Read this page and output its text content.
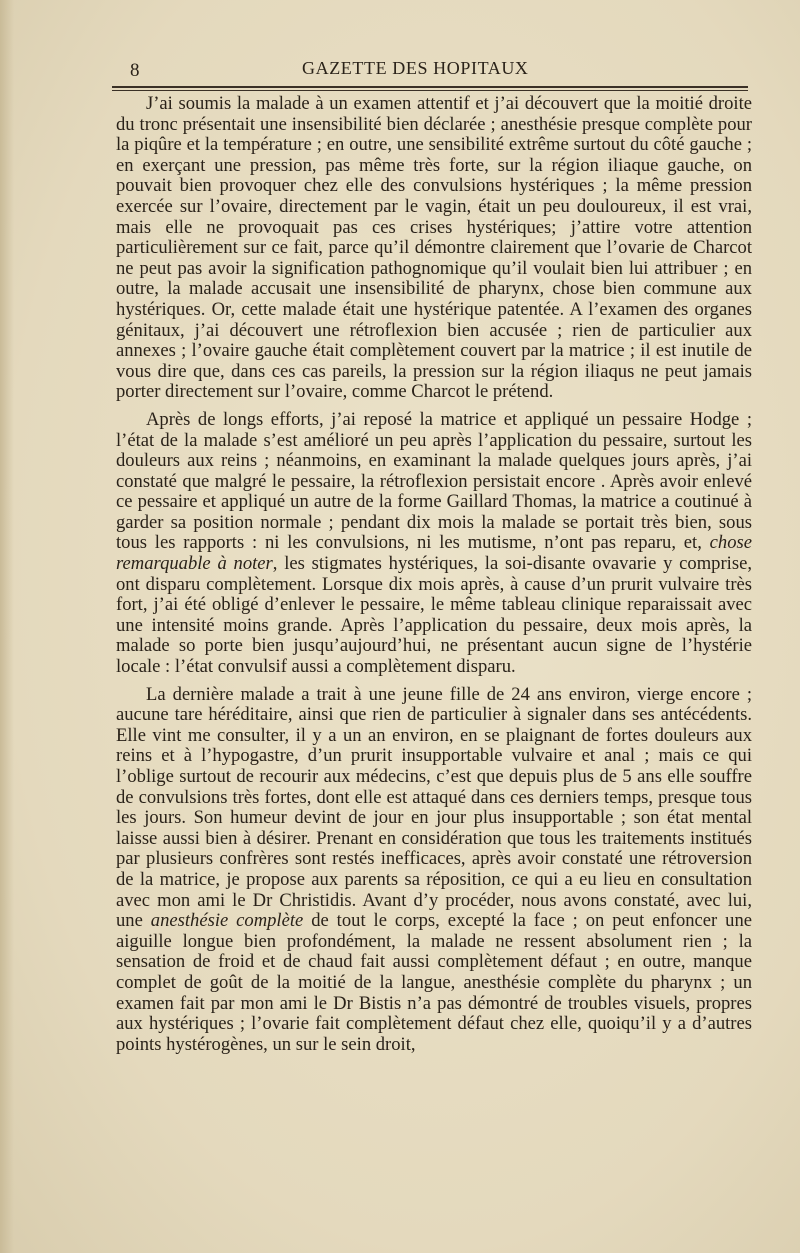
8	GAZETTE DES HOPITAUX

J’ai soumis la malade à un examen attentif et j’ai découvert que la moitié droite du tronc présentait une insensibilité bien déclarée ; anesthésie presque complète pour la piqûre et la température ; en outre, une sensibilité extrême surtout du côté gauche ; en exerçant une pression, pas même très forte, sur la région iliaque gauche, on pouvait bien provoquer chez elle des convulsions hystériques ; la même pression exercée sur l’ovaire, directement par le vagin, était un peu douloureux, il est vrai, mais elle ne provoquait pas ces crises hystériques; j’attire votre attention particulièrement sur ce fait, parce qu’il démontre clairement que l’ovarie de Charcot ne peut pas avoir la signification pathognomique qu’il voulait bien lui attribuer ; en outre, la malade accusait une insensibilité de pharynx, chose bien commune aux hystériques. Or, cette malade était une hystérique patentée. A l’examen des organes génitaux, j’ai découvert une rétroflexion bien accusée ; rien de particulier aux annexes ; l’ovaire gauche était complètement couvert par la matrice ; il est inutile de vous dire que, dans ces cas pareils, la pression sur la région iliaqus ne peut jamais porter directement sur l’ovaire, comme Charcot le prétend.

Après de longs efforts, j’ai reposé la matrice et appliqué un pessaire Hodge ; l’état de la malade s’est amélioré un peu après l’application du pessaire, surtout les douleurs aux reins ; néanmoins, en examinant la malade quelques jours après, j’ai constaté que malgré le pessaire, la rétroflexion persistait encore . Après avoir enlevé ce pessaire et appliqué un autre de la forme Gaillard Thomas, la matrice a coutinué à garder sa position normale ; pendant dix mois la malade se portait très bien, sous tous les rapports : ni les convulsions, ni les mutisme, n’ont pas reparu, et, chose remarquable à noter, les stigmates hystériques, la soi-disante ovavarie y comprise, ont disparu complètement. Lorsque dix mois après, à cause d’un prurit vulvaire très fort, j’ai été obligé d’enlever le pessaire, le même tableau clinique reparaissait avec une intensité moins grande. Après l’application du pessaire, deux mois après, la malade so porte bien jusqu’aujourd’hui, ne présentant aucun signe de l’hystérie locale : l’état convulsif aussi a complètement disparu.

La dernière malade a trait à une jeune fille de 24 ans environ, vierge encore ; aucune tare héréditaire, ainsi que rien de particulier à signaler dans ses antécédents. Elle vint me consulter, il y a un an environ, en se plaignant de fortes douleurs aux reins et à l’hypogastre, d’un prurit insupportable vulvaire et anal ; mais ce qui l’oblige surtout de recourir aux médecins, c’est que depuis plus de 5 ans elle souffre de convulsions très fortes, dont elle est attaqué dans ces derniers temps, presque tous les jours. Son humeur devint de jour en jour plus insupportable ; son état mental laisse aussi bien à désirer. Prenant en considération que tous les traitements institués par plusieurs confrères sont restés inefficaces, après avoir constaté une rétroversion de la matrice, je propose aux parents sa réposition, ce qui a eu lieu en consultation avec mon ami le Dr Christidis. Avant d’y procéder, nous avons constaté, avec lui, une anesthésie complète de tout le corps, excepté la face ; on peut enfoncer une aiguille longue bien profondément, la malade ne ressent absolument rien ; la sensation de froid et de chaud fait aussi complètement défaut ; en outre, manque complet de goût de la moitié de la langue, anesthésie complète du pharynx ; un examen fait par mon ami le Dr Bistis n’a pas démontré de troubles visuels, propres aux hystériques ; l’ovarie fait complètement défaut chez elle, quoiqu’il y a d’autres points hystérogènes, un sur le sein droit,
